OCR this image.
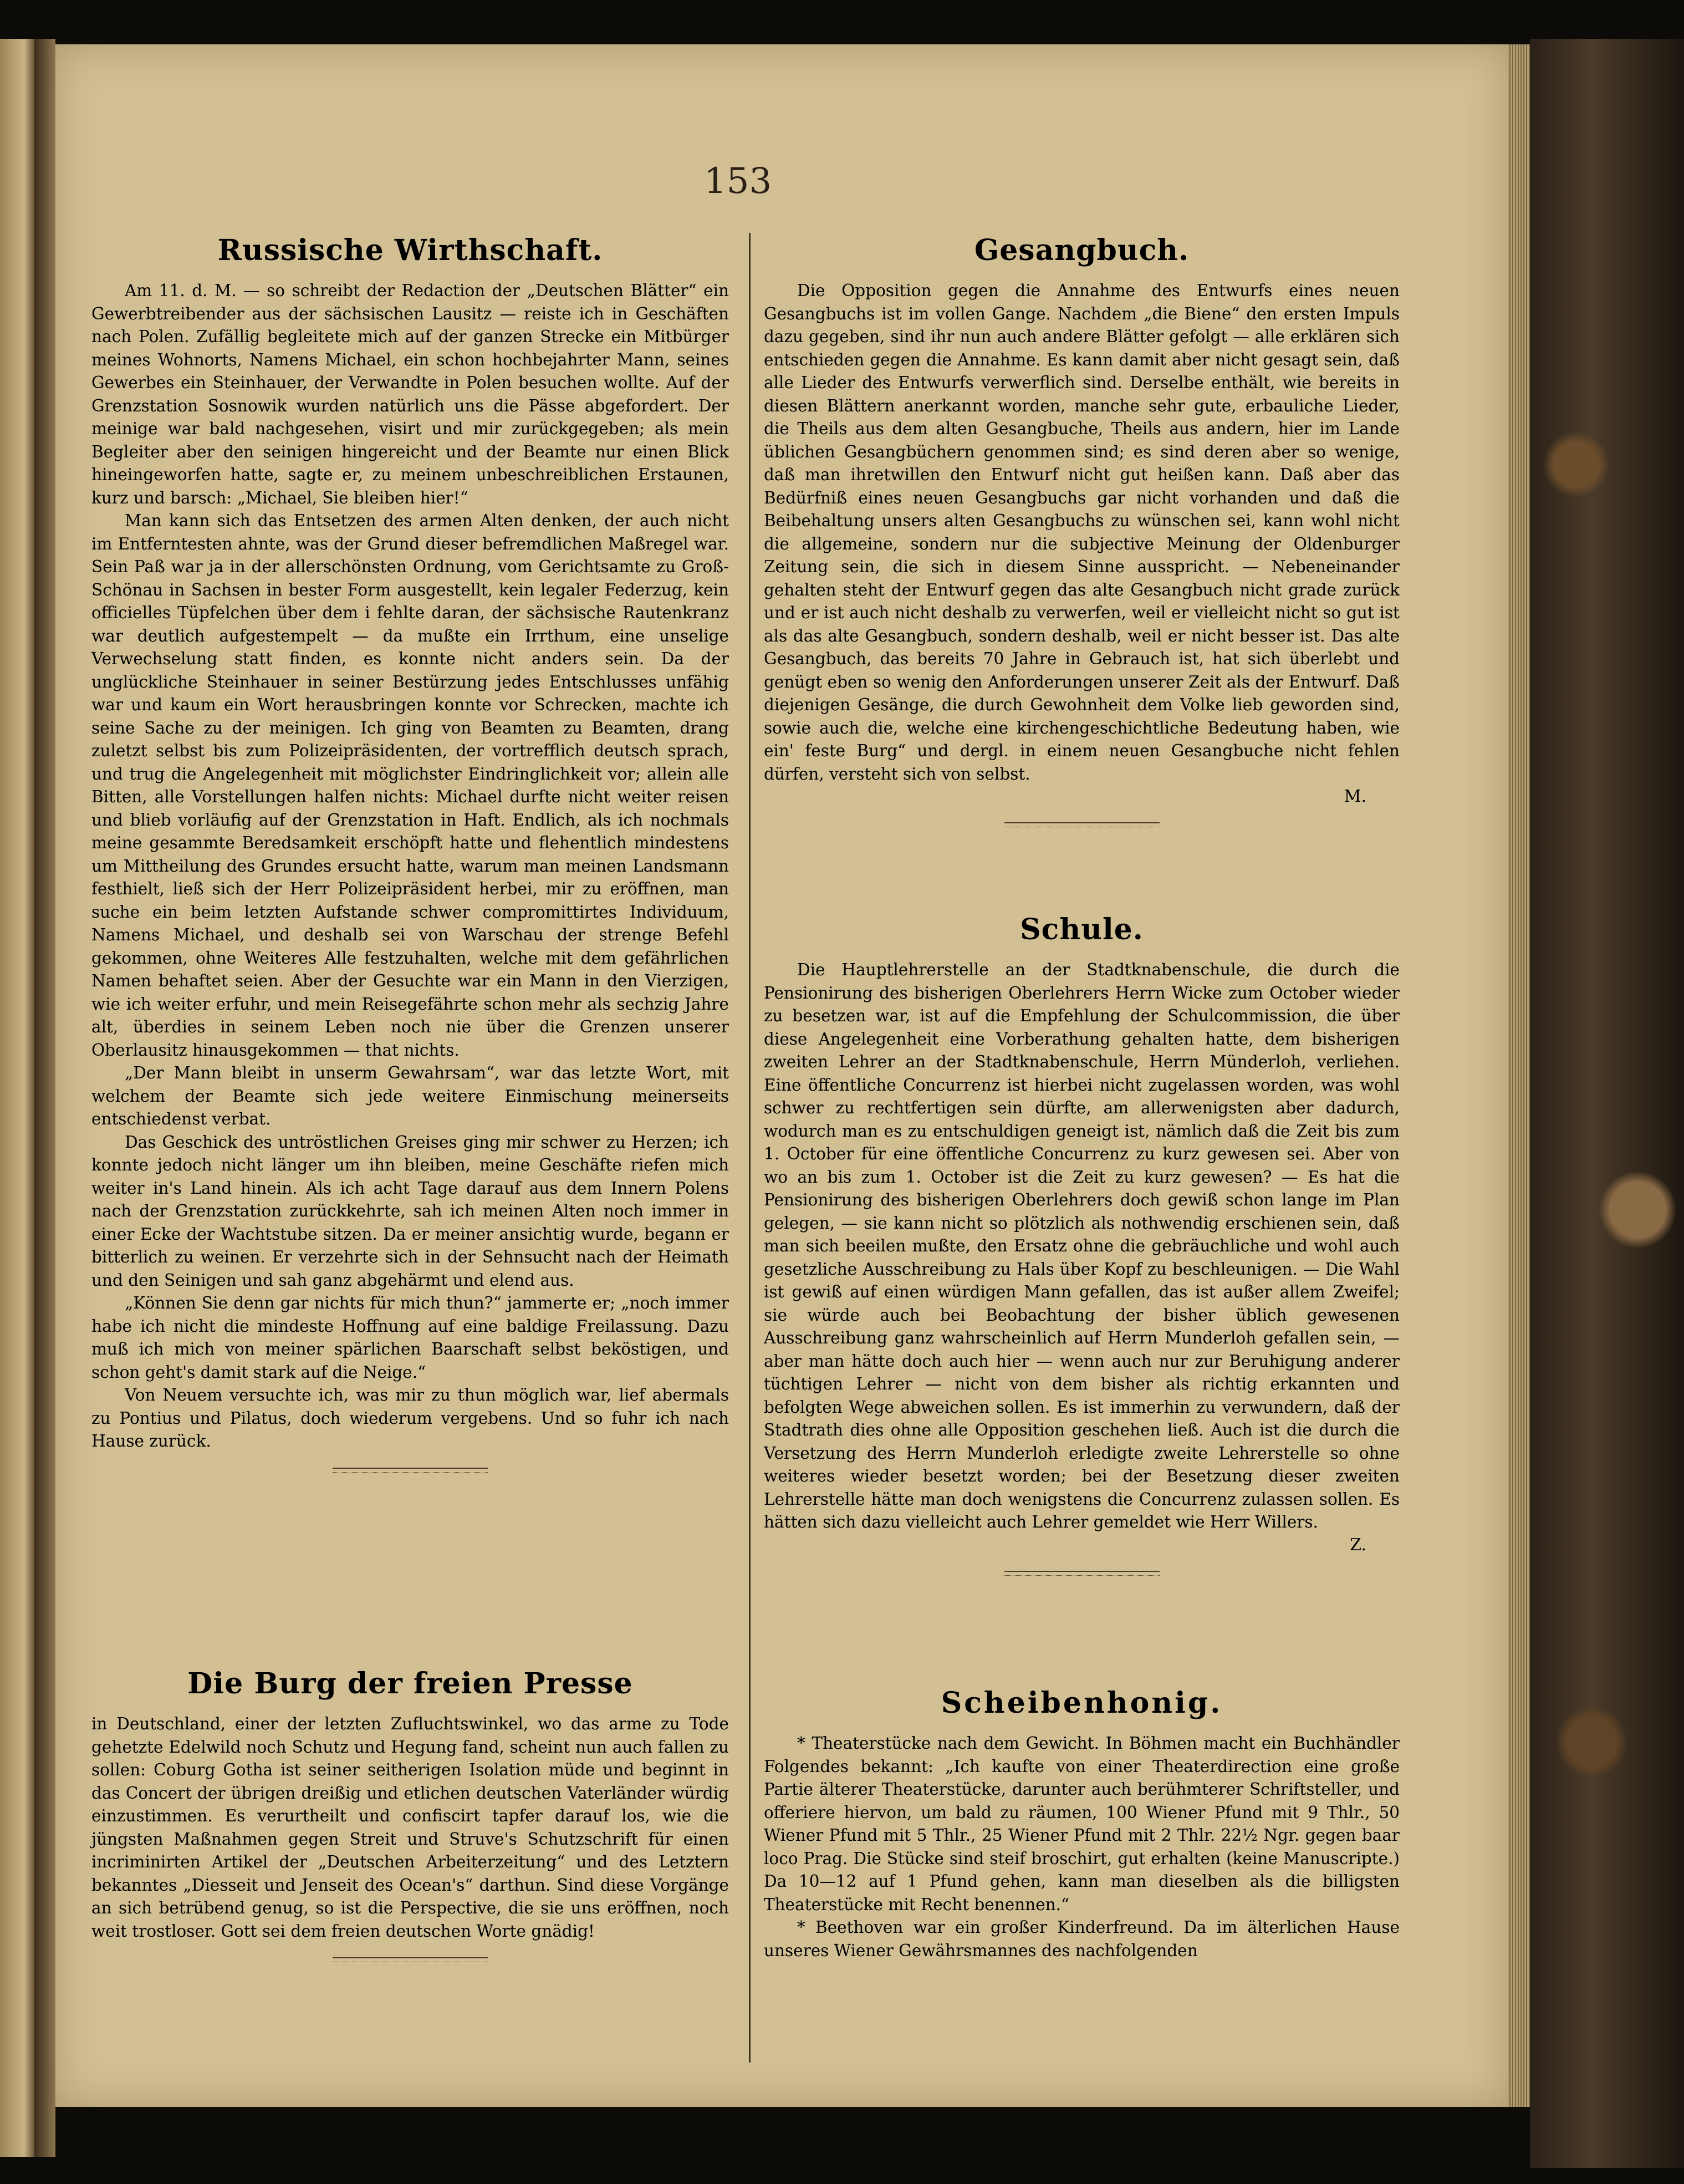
153
Russische Wirthschaft.

Am 11. d. M. — so schreibt der Redaction der „Deutschen Blätter“ ein Gewerbtreibender aus der sächsischen Lausitz — reiste ich in Geschäften nach Polen. Zufällig begleitete mich auf der ganzen Strecke ein Mitbürger meines Wohnorts, Namens Michael, ein schon hochbejahrter Mann, seines Gewerbes ein Steinhauer, der Verwandte in Polen besuchen wollte. Auf der Grenzstation Sosnowik wurden natürlich uns die Pässe abgefordert. Der meinige war bald nachgesehen, visirt und mir zurückgegeben; als mein Begleiter aber den seinigen hingereicht und der Beamte nur einen Blick hineingeworfen hatte, sagte er, zu meinem unbeschreiblichen Erstaunen, kurz und barsch: „Michael, Sie bleiben hier!“

Man kann sich das Entsetzen des armen Alten denken, der auch nicht im Entferntesten ahnte, was der Grund dieser befremdlichen Maßregel war. Sein Paß war ja in der allerschönsten Ordnung, vom Gerichtsamte zu Groß-Schönau in Sachsen in bester Form ausgestellt, kein legaler Federzug, kein officielles Tüpfelchen über dem i fehlte daran, der sächsische Rautenkranz war deutlich aufgestempelt — da mußte ein Irrthum, eine unselige Verwechselung statt finden, es konnte nicht anders sein. Da der unglückliche Steinhauer in seiner Bestürzung jedes Entschlusses unfähig war und kaum ein Wort herausbringen konnte vor Schrecken, machte ich seine Sache zu der meinigen. Ich ging von Beamten zu Beamten, drang zuletzt selbst bis zum Polizeipräsidenten, der vortrefflich deutsch sprach, und trug die Angelegenheit mit möglichster Eindringlichkeit vor; allein alle Bitten, alle Vorstellungen halfen nichts: Michael durfte nicht weiter reisen und blieb vorläufig auf der Grenzstation in Haft. Endlich, als ich nochmals meine gesammte Beredsamkeit erschöpft hatte und flehentlich mindestens um Mittheilung des Grundes ersucht hatte, warum man meinen Landsmann festhielt, ließ sich der Herr Polizeipräsident herbei, mir zu eröffnen, man suche ein beim letzten Aufstande schwer compromittirtes Individuum, Namens Michael, und deshalb sei von Warschau der strenge Befehl gekommen, ohne Weiteres Alle festzuhalten, welche mit dem gefährlichen Namen behaftet seien. Aber der Gesuchte war ein Mann in den Vierzigen, wie ich weiter erfuhr, und mein Reisegefährte schon mehr als sechzig Jahre alt, überdies in seinem Leben noch nie über die Grenzen unserer Oberlausitz hinausgekommen — that nichts.

„Der Mann bleibt in unserm Gewahrsam“, war das letzte Wort, mit welchem der Beamte sich jede weitere Einmischung meinerseits entschiedenst verbat.

Das Geschick des untröstlichen Greises ging mir schwer zu Herzen; ich konnte jedoch nicht länger um ihn bleiben, meine Geschäfte riefen mich weiter in's Land hinein. Als ich acht Tage darauf aus dem Innern Polens nach der Grenzstation zurückkehrte, sah ich meinen Alten noch immer in einer Ecke der Wachtstube sitzen. Da er meiner ansichtig wurde, begann er bitterlich zu weinen. Er verzehrte sich in der Sehnsucht nach der Heimath und den Seinigen und sah ganz abgehärmt und elend aus.

„Können Sie denn gar nichts für mich thun?“ jammerte er; „noch immer habe ich nicht die mindeste Hoffnung auf eine baldige Freilassung. Dazu muß ich mich von meiner spärlichen Baarschaft selbst beköstigen, und schon geht's damit stark auf die Neige.“

Von Neuem versuchte ich, was mir zu thun möglich war, lief abermals zu Pontius und Pilatus, doch wiederum vergebens. Und so fuhr ich nach Hause zurück.

Die Burg der freien Presse

in Deutschland, einer der letzten Zufluchtswinkel, wo das arme zu Tode gehetzte Edelwild noch Schutz und Hegung fand, scheint nun auch fallen zu sollen: Coburg Gotha ist seiner seitherigen Isolation müde und beginnt in das Concert der übrigen dreißig und etlichen deutschen Vaterländer würdig einzustimmen. Es verurtheilt und confiscirt tapfer darauf los, wie die jüngsten Maßnahmen gegen Streit und Struve's Schutzschrift für einen incriminirten Artikel der „Deutschen Arbeiterzeitung“ und des Letztern bekanntes „Diesseit und Jenseit des Ocean's“ darthun. Sind diese Vorgänge an sich betrübend genug, so ist die Perspective, die sie uns eröffnen, noch weit trostloser. Gott sei dem freien deutschen Worte gnädig!

Gesangbuch.

Die Opposition gegen die Annahme des Entwurfs eines neuen Gesangbuchs ist im vollen Gange. Nachdem „die Biene“ den ersten Impuls dazu gegeben, sind ihr nun auch andere Blätter gefolgt — alle erklären sich entschieden gegen die Annahme. Es kann damit aber nicht gesagt sein, daß alle Lieder des Entwurfs verwerflich sind. Derselbe enthält, wie bereits in diesen Blättern anerkannt worden, manche sehr gute, erbauliche Lieder, die Theils aus dem alten Gesangbuche, Theils aus andern, hier im Lande üblichen Gesangbüchern genommen sind; es sind deren aber so wenige, daß man ihretwillen den Entwurf nicht gut heißen kann. Daß aber das Bedürfniß eines neuen Gesangbuchs gar nicht vorhanden und daß die Beibehaltung unsers alten Gesangbuchs zu wünschen sei, kann wohl nicht die allgemeine, sondern nur die subjective Meinung der Oldenburger Zeitung sein, die sich in diesem Sinne ausspricht. — Nebeneinander gehalten steht der Entwurf gegen das alte Gesangbuch nicht grade zurück und er ist auch nicht deshalb zu verwerfen, weil er vielleicht nicht so gut ist als das alte Gesangbuch, sondern deshalb, weil er nicht besser ist. Das alte Gesangbuch, das bereits 70 Jahre in Gebrauch ist, hat sich überlebt und genügt eben so wenig den Anforderungen unserer Zeit als der Entwurf. Daß diejenigen Gesänge, die durch Gewohnheit dem Volke lieb geworden sind, sowie auch die, welche eine kirchengeschichtliche Bedeutung haben, wie ein' feste Burg“ und dergl. in einem neuen Gesangbuche nicht fehlen dürfen, versteht sich von selbst.

M.
Schule.

Die Hauptlehrerstelle an der Stadtknabenschule, die durch die Pensionirung des bisherigen Oberlehrers Herrn Wicke zum October wieder zu besetzen war, ist auf die Empfehlung der Schulcommission, die über diese Angelegenheit eine Vorberathung gehalten hatte, dem bisherigen zweiten Lehrer an der Stadtknabenschule, Herrn Münderloh, verliehen. Eine öffentliche Concurrenz ist hierbei nicht zugelassen worden, was wohl schwer zu rechtfertigen sein dürfte, am allerwenigsten aber dadurch, wodurch man es zu entschuldigen geneigt ist, nämlich daß die Zeit bis zum 1. October für eine öffentliche Concurrenz zu kurz gewesen sei. Aber von wo an bis zum 1. October ist die Zeit zu kurz gewesen? — Es hat die Pensionirung des bisherigen Oberlehrers doch gewiß schon lange im Plan gelegen, — sie kann nicht so plötzlich als nothwendig erschienen sein, daß man sich beeilen mußte, den Ersatz ohne die gebräuchliche und wohl auch gesetzliche Ausschreibung zu Hals über Kopf zu beschleunigen. — Die Wahl ist gewiß auf einen würdigen Mann gefallen, das ist außer allem Zweifel; sie würde auch bei Beobachtung der bisher üblich gewesenen Ausschreibung ganz wahrscheinlich auf Herrn Munderloh gefallen sein, — aber man hätte doch auch hier — wenn auch nur zur Beruhigung anderer tüchtigen Lehrer — nicht von dem bisher als richtig erkannten und befolgten Wege abweichen sollen. Es ist immerhin zu verwundern, daß der Stadtrath dies ohne alle Opposition geschehen ließ. Auch ist die durch die Versetzung des Herrn Munderloh erledigte zweite Lehrerstelle so ohne weiteres wieder besetzt worden; bei der Besetzung dieser zweiten Lehrerstelle hätte man doch wenigstens die Concurrenz zulassen sollen. Es hätten sich dazu vielleicht auch Lehrer gemeldet wie Herr Willers.

Z.
Scheibenhonig.

* Theaterstücke nach dem Gewicht. In Böhmen macht ein Buchhändler Folgendes bekannt: „Ich kaufte von einer Theaterdirection eine große Partie älterer Theaterstücke, darunter auch berühmterer Schriftsteller, und offeriere hiervon, um bald zu räumen, 100 Wiener Pfund mit 9 Thlr., 50 Wiener Pfund mit 5 Thlr., 25 Wiener Pfund mit 2 Thlr. 22½ Ngr. gegen baar loco Prag. Die Stücke sind steif broschirt, gut erhalten (keine Manuscripte.) Da 10—12 auf 1 Pfund gehen, kann man dieselben als die billigsten Theaterstücke mit Recht benennen.“

* Beethoven war ein großer Kinderfreund. Da im älterlichen Hause unseres Wiener Gewährsmannes des nachfolgenden
